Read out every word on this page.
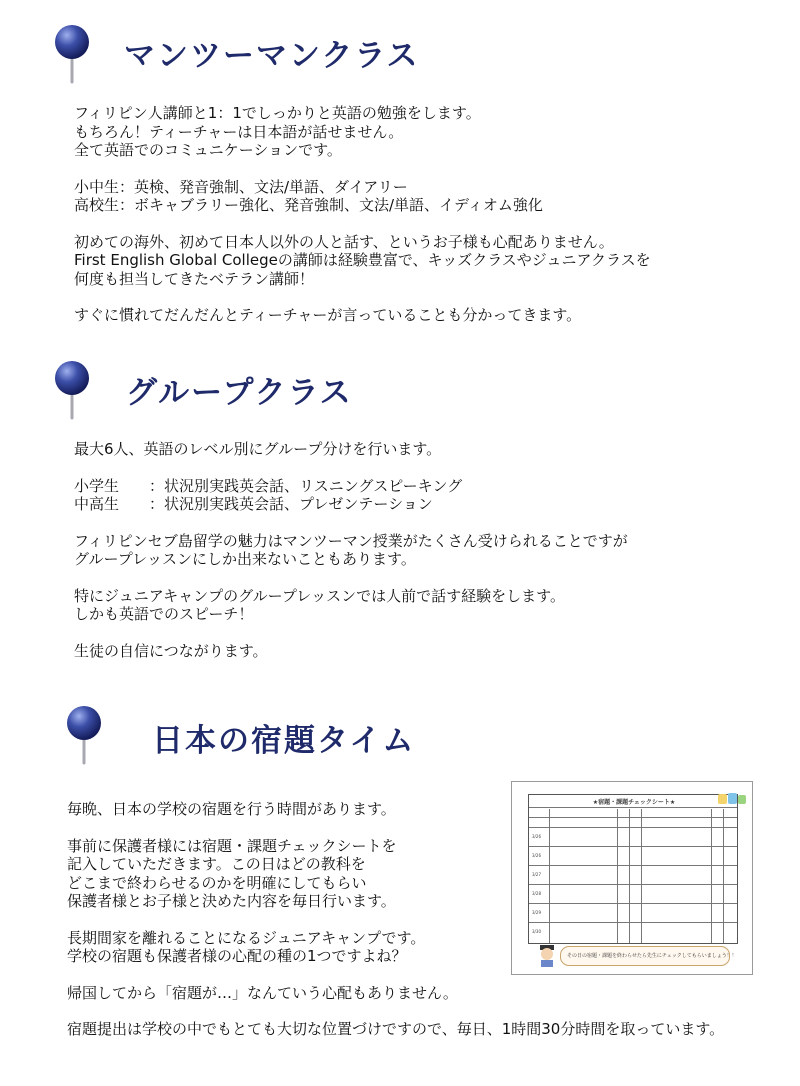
マンツーマンクラス
フィリピン人講師と1：1でしっかりと英語の勉強をします。
もちろん！ティーチャーは日本語が話せません。
全て英語でのコミュニケーションです。
小中生：英検、発音強制、文法/単語、ダイアリー
高校生：ボキャブラリー強化、発音強制、文法/単語、イディオム強化
初めての海外、初めて日本人以外の人と話す、というお子様も心配ありません。
First English Global Collegeの講師は経験豊富で、キッズクラスやジュニアクラスを
何度も担当してきたベテラン講師！
すぐに慣れてだんだんとティーチャーが言っていることも分かってきます。
グループクラス
最大6人、英語のレベル別にグループ分けを行います。
小学生　　：状況別実践英会話、リスニングスピーキング
中高生　　：状況別実践英会話、プレゼンテーション
フィリピンセブ島留学の魅力はマンツーマン授業がたくさん受けられることですが
グループレッスンにしか出来ないこともあります。
特にジュニアキャンプのグループレッスンでは人前で話す経験をします。
しかも英語でのスピーチ！
生徒の自信につながります。
日本の宿題タイム
毎晩、日本の学校の宿題を行う時間があります。
事前に保護者様には宿題・課題チェックシートを
記入していただきます。この日はどの教科を
どこまで終わらせるのかを明確にしてもらい
保護者様とお子様と決めた内容を毎日行います。
長期間家を離れることになるジュニアキャンプです。
学校の宿題も保護者様の心配の種の1つですよね？
帰国してから「宿題が…」なんていう心配もありません。
宿題提出は学校の中でもとても大切な位置づけですので、毎日、1時間30分時間を取っています。
★宿題・課題チェックシート★
3/26
3/26
3/27
3/28
3/29
3/30
その日の宿題・課題を終わらせたら先生にチェックしてもらいましょう！！
